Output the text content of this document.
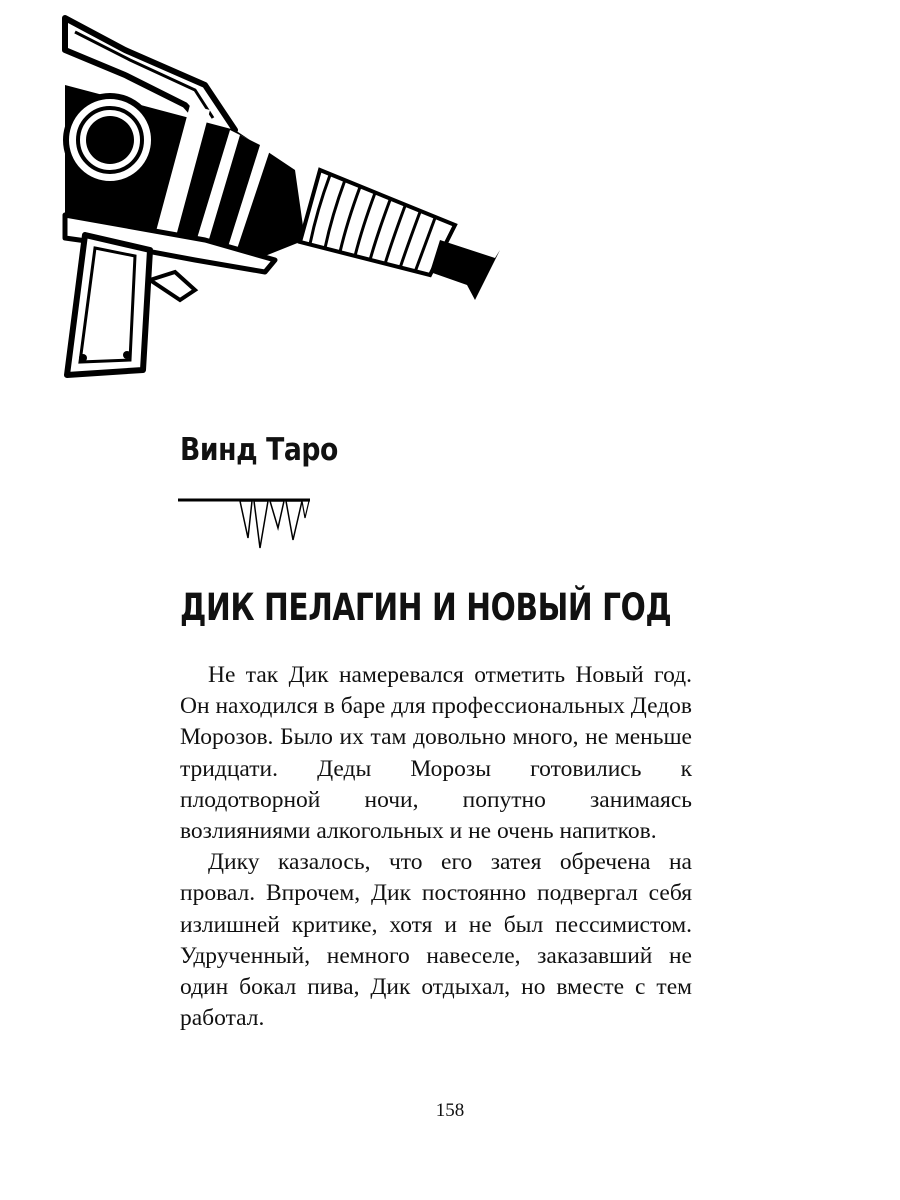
Винд Таро
ДИК ПЕЛАГИН И НОВЫЙ ГОД

Не так Дик намеревался отметить Новый год. Он находился в баре для профессиональных Дедов Морозов. Было их там довольно много, не меньше тридцати. Деды Морозы готовились к плодотворной ночи, попутно занимаясь возлияниями алкогольных и не очень напитков.

Дику казалось, что его затея обречена на провал. Впрочем, Дик постоянно подвергал себя излишней критике, хотя и не был пессимистом. Удрученный, немного навеселе, заказавший не один бокал пива, Дик отдыхал, но вместе с тем работал.

158
